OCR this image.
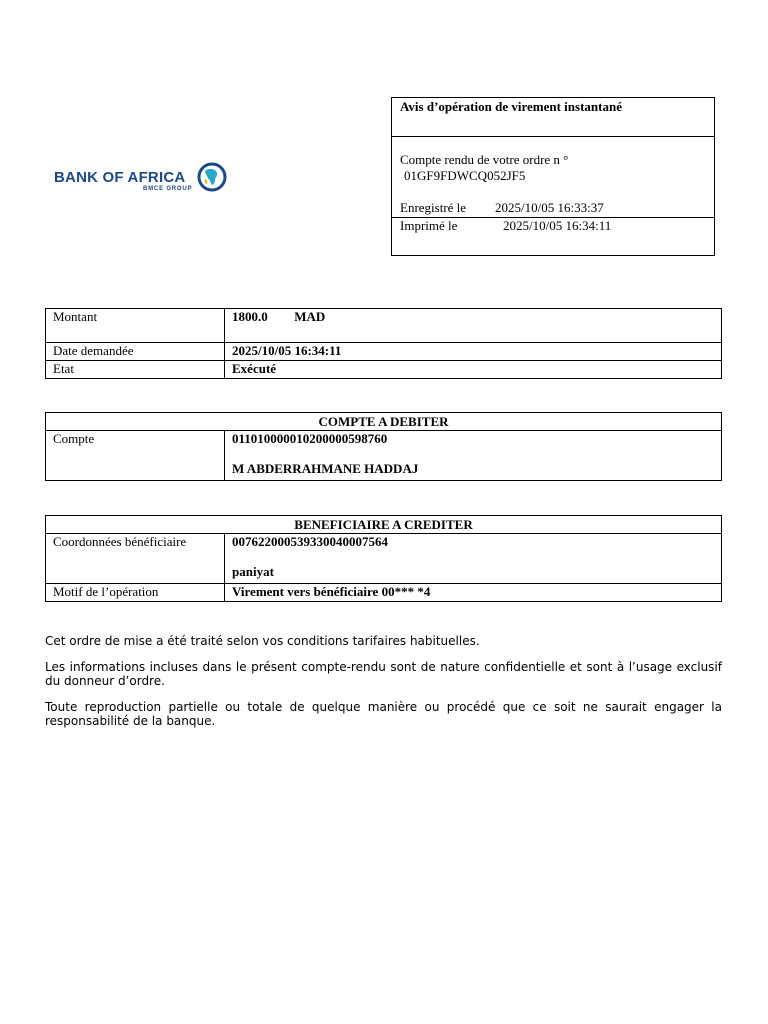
BANK OF AFRICA
BMCE GROUP
Avis d’opération de virement instantané
Compte rendu de votre ordre n °
01GF9FDWCQ052JF5
Enregistré le 2025/10/05 16:33:37
Imprimé le	2025/10/05 16:34:11
Montant	1800.0 MAD
Date demandée	2025/10/05 16:34:11
Etat	Exécuté
COMPTE A DEBITER
Compte	011010000010200000598760
M ABDERRAHMANE HADDAJ
BENEFICIAIRE A CREDITER	
Coordonnées bénéficiaire	007622000539330040007564
paniyat

Motif de l’opération	Virement vers bénéficiaire 00*** *4
Cet ordre de mise a été traité selon vos conditions tarifaires habituelles.
Les informations incluses dans le présent compte-rendu sont de nature confidentielle et sont à l’usage exclusif du donneur d’ordre.
Toute reproduction partielle ou totale de quelque manière ou procédé que ce soit ne saurait engager la responsabilité de la banque.
